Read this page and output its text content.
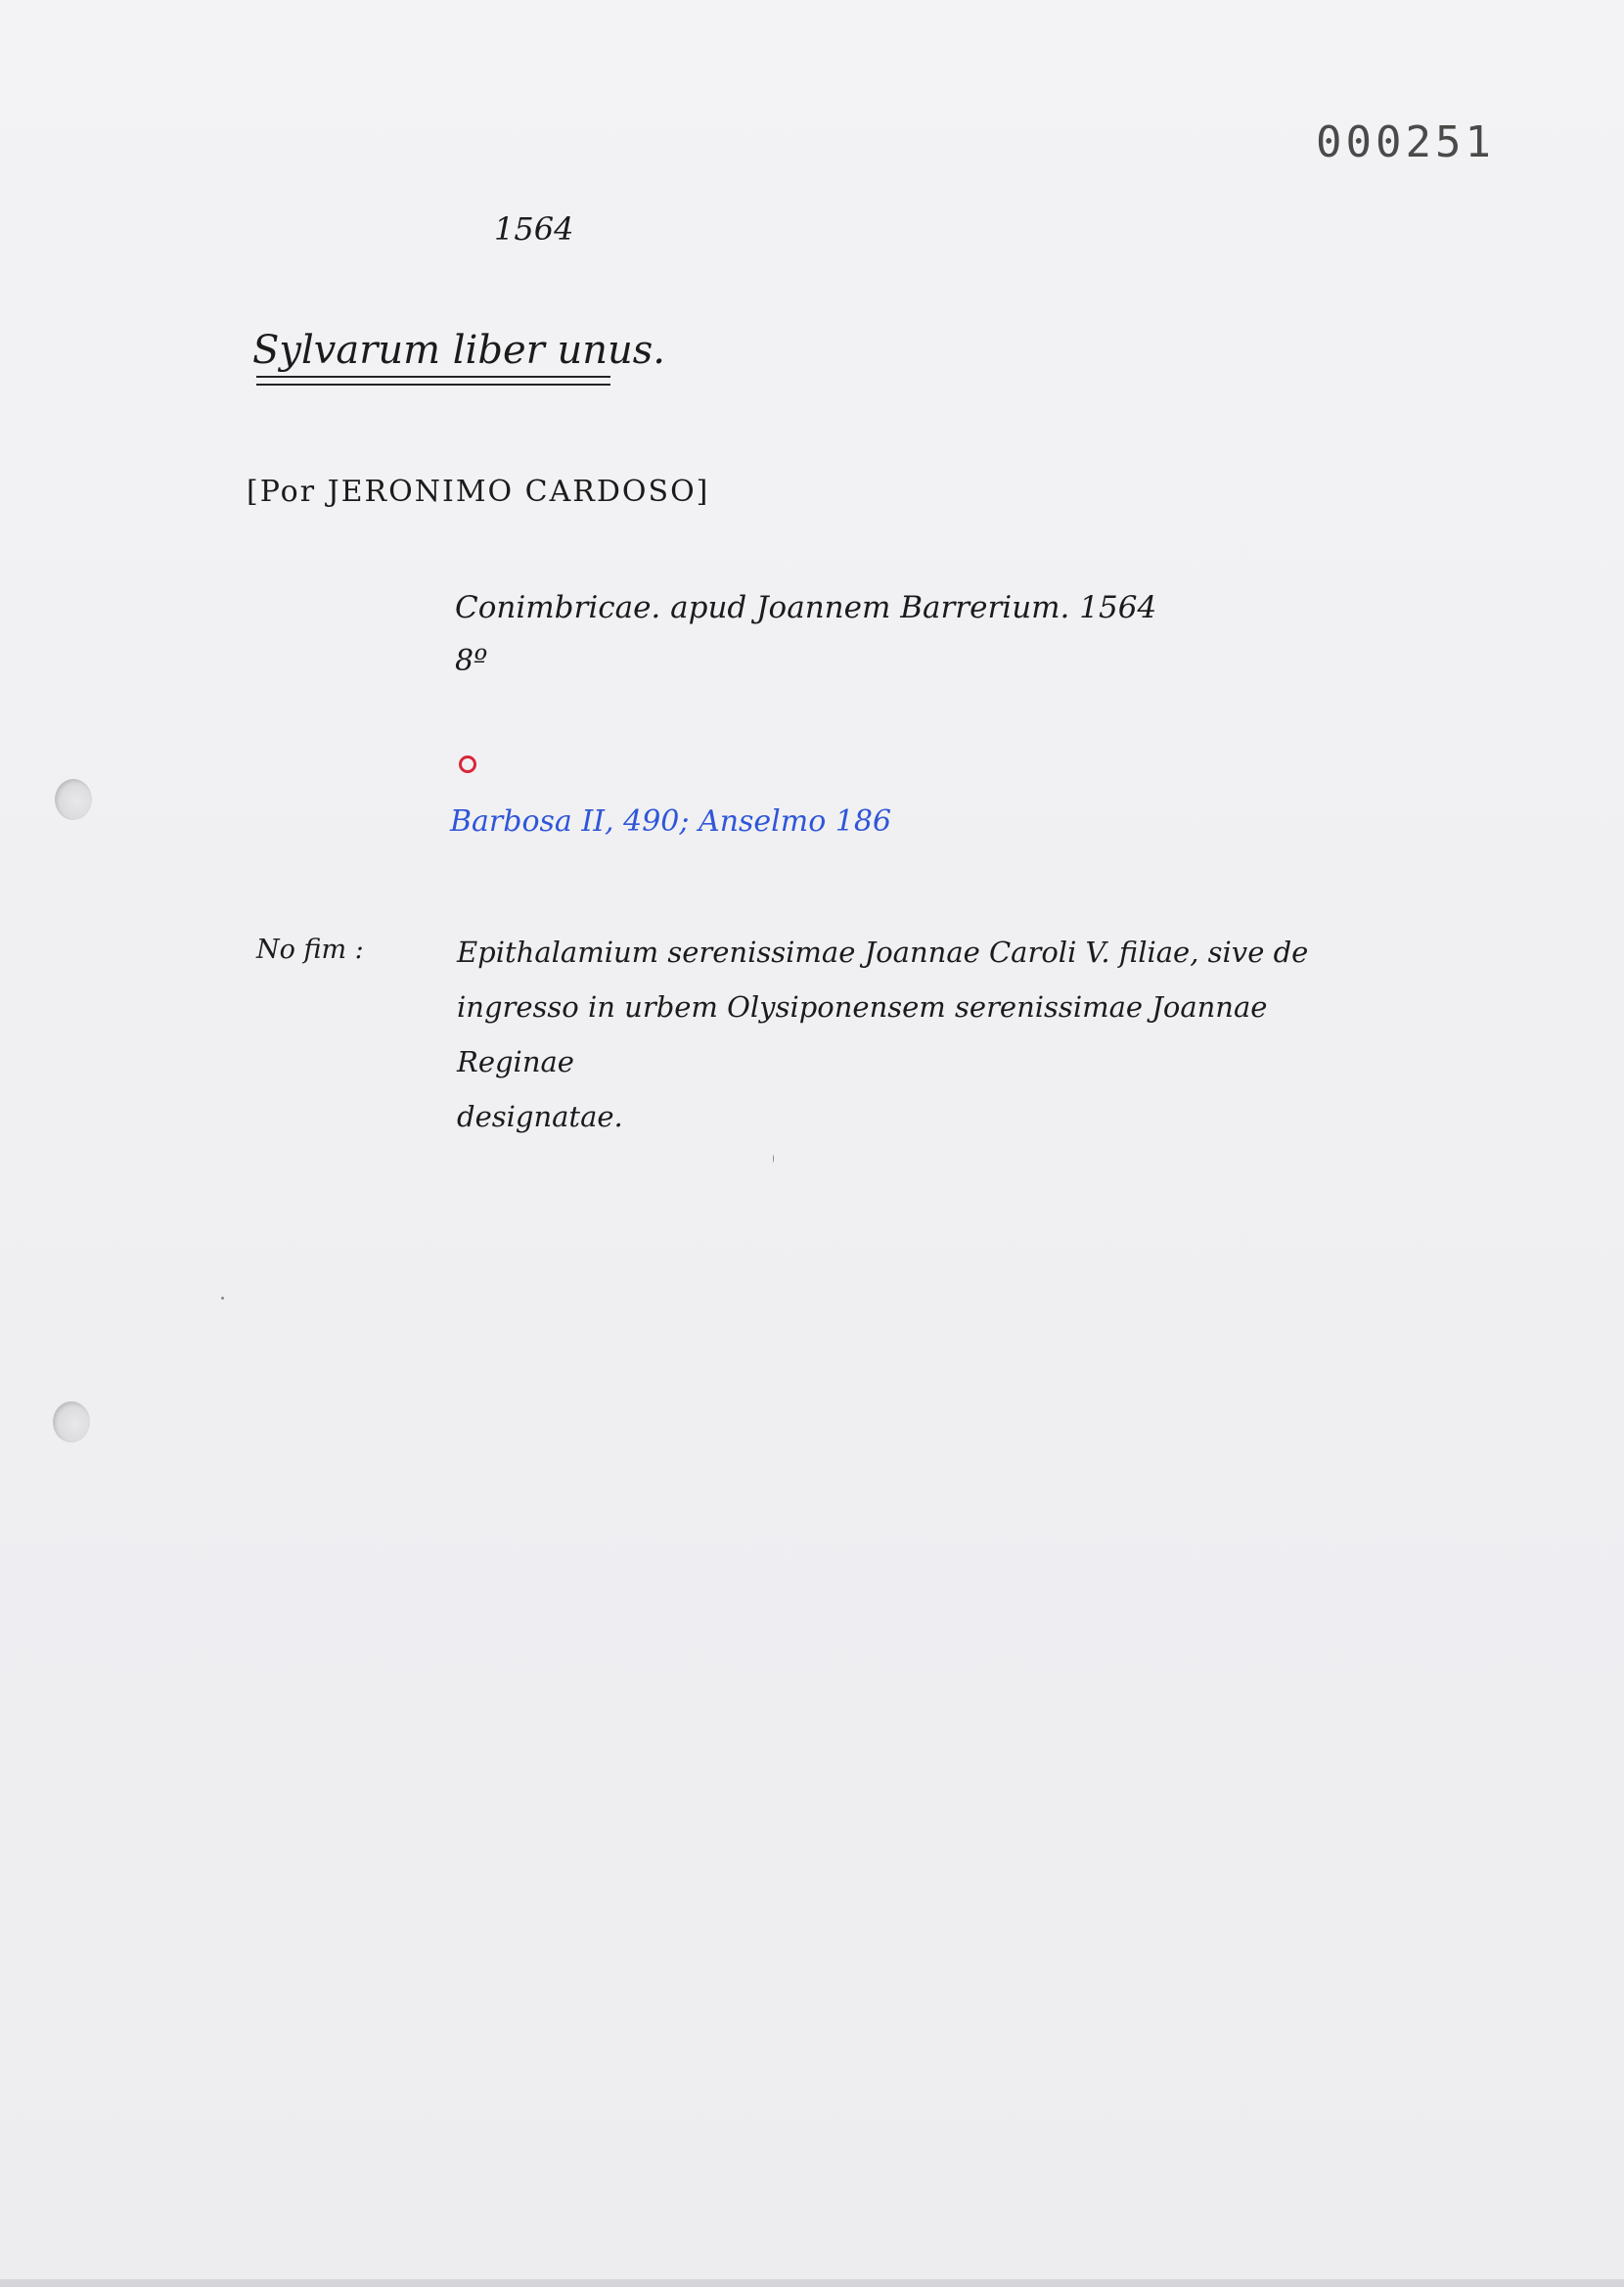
000251
1564
Sylvarum liber unus.
[Por JERONIMO CARDOSO]
Conimbricae. apud Joannem Barrerium. 1564
8º
Barbosa II, 490; Anselmo 186
No fim :	Epithalamium serenissimae Joannae Caroli V. filiae, sive de
ingresso in urbem Olysiponensem serenissimae Joannae Reginae
designatae.
